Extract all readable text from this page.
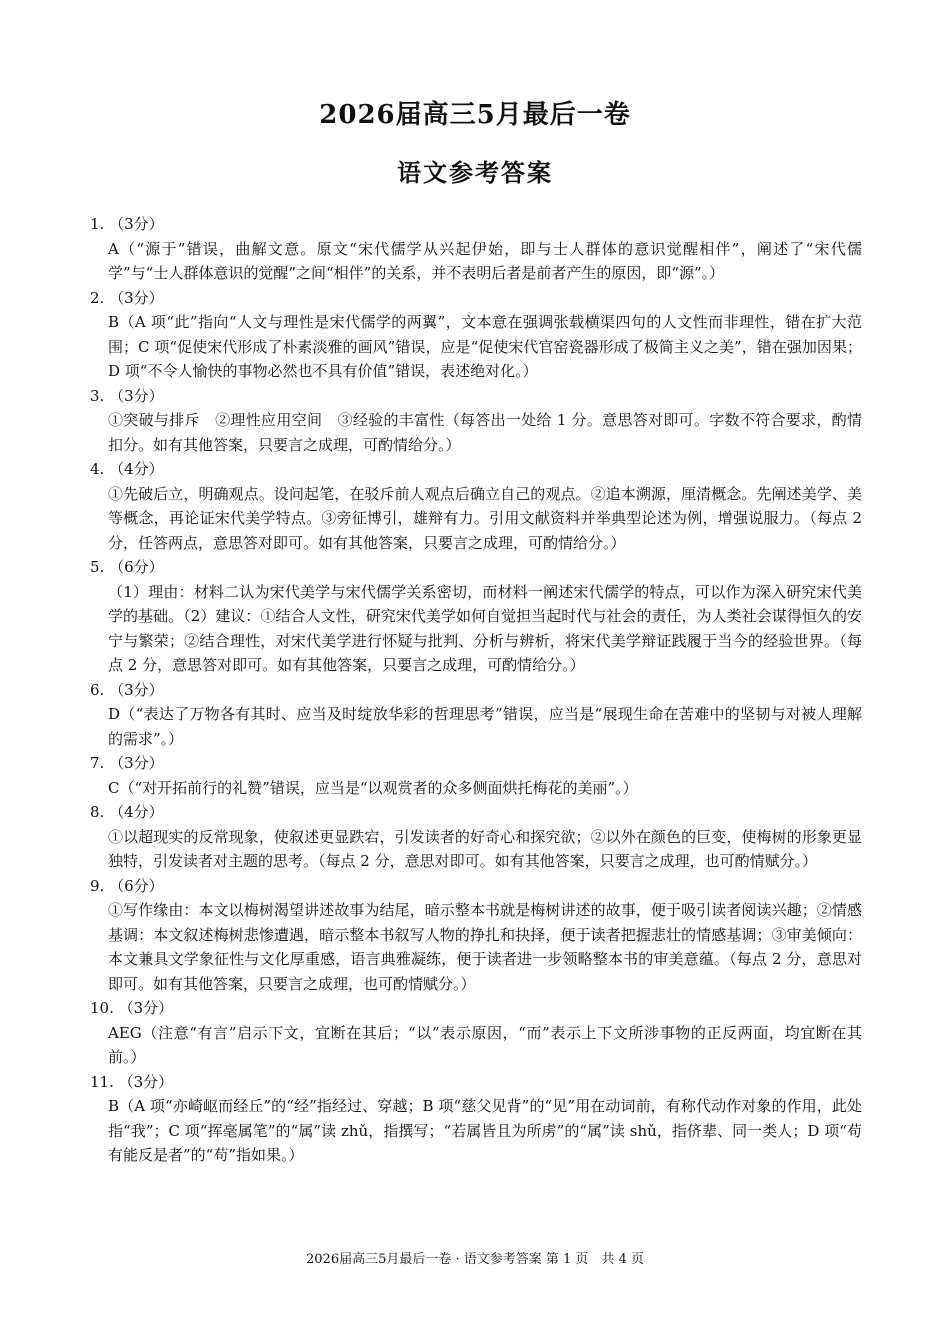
2026届高三5月最后一卷
语文参考答案
1. （3分）
A（“源于”错误，曲解文意。原文“宋代儒学从兴起伊始，即与士人群体的意识觉醒相伴”，阐述了“宋代儒学”与“士人群体意识的觉醒”之间“相伴”的关系，并不表明后者是前者产生的原因，即“源”。）
2. （3分）
B（A 项“此”指向“人文与理性是宋代儒学的两翼”，文本意在强调张载横渠四句的人文性而非理性，错在扩大范围；C 项“促使宋代形成了朴素淡雅的画风”错误，应是“促使宋代官窑瓷器形成了极简主义之美”，错在强加因果；D 项“不令人愉快的事物必然也不具有价值”错误，表述绝对化。）
3. （3分）
①突破与排斥　②理性应用空间　③经验的丰富性（每答出一处给 1 分。意思答对即可。字数不符合要求，酌情扣分。如有其他答案，只要言之成理，可酌情给分。）
4. （4分）
①先破后立，明确观点。设问起笔，在驳斥前人观点后确立自己的观点。②追本溯源，厘清概念。先阐述美学、美等概念，再论证宋代美学特点。③旁征博引，雄辩有力。引用文献资料并举典型论述为例，增强说服力。（每点 2 分，任答两点，意思答对即可。如有其他答案，只要言之成理，可酌情给分。）
5. （6分）
（1）理由：材料二认为宋代美学与宋代儒学关系密切，而材料一阐述宋代儒学的特点，可以作为深入研究宋代美学的基础。（2）建议：①结合人文性，研究宋代美学如何自觉担当起时代与社会的责任，为人类社会谋得恒久的安宁与繁荣；②结合理性，对宋代美学进行怀疑与批判、分析与辨析，将宋代美学辩证践履于当今的经验世界。（每点 2 分，意思答对即可。如有其他答案，只要言之成理，可酌情给分。）
6. （3分）
D（“表达了万物各有其时、应当及时绽放华彩的哲理思考”错误，应当是“展现生命在苦难中的坚韧与对被人理解的需求”。）
7. （3分）
C（“对开拓前行的礼赞”错误，应当是“以观赏者的众多侧面烘托梅花的美丽”。）
8. （4分）
①以超现实的反常现象，使叙述更显跌宕，引发读者的好奇心和探究欲；②以外在颜色的巨变，使梅树的形象更显独特，引发读者对主题的思考。（每点 2 分，意思对即可。如有其他答案，只要言之成理，也可酌情赋分。）
9. （6分）
①写作缘由：本文以梅树渴望讲述故事为结尾，暗示整本书就是梅树讲述的故事，便于吸引读者阅读兴趣；②情感基调：本文叙述梅树悲惨遭遇，暗示整本书叙写人物的挣扎和抉择，便于读者把握悲壮的情感基调；③审美倾向：本文兼具文学象征性与文化厚重感，语言典雅凝练，便于读者进一步领略整本书的审美意蕴。（每点 2 分，意思对即可。如有其他答案，只要言之成理，也可酌情赋分。）
10. （3分）
AEG（注意“有言”启示下文，宜断在其后；“以”表示原因，“而”表示上下文所涉事物的正反两面，均宜断在其前。）
11. （3分）
B（A 项“亦崎岖而经丘”的“经”指经过、穿越；B 项“慈父见背”的“见”用在动词前，有称代动作对象的作用，此处指“我”；C 项“挥毫属笔”的“属”读 zhǔ，指撰写；“若属皆且为所虏”的“属”读 shǔ，指侪辈、同一类人；D 项“苟有能反是者”的“苟”指如果。）
2026届高三5月最后一卷 · 语文参考答案 第 1 页　共 4 页
